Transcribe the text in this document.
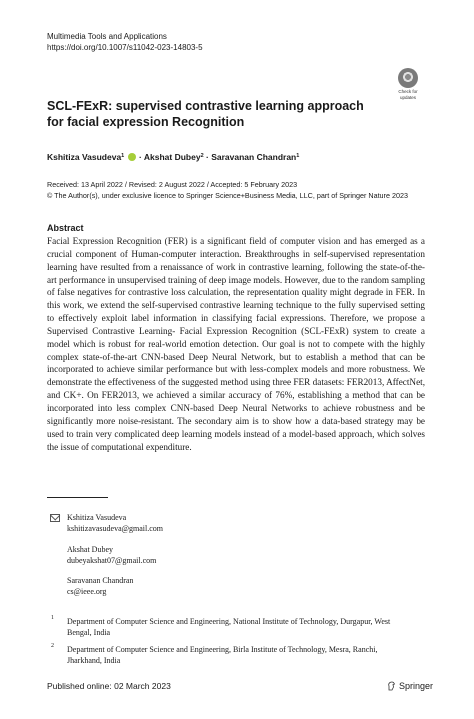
Multimedia Tools and Applications
https://doi.org/10.1007/s11042-023-14803-5
Check for
updates
SCL-FExR: supervised contrastive learning approach for facial expression Recognition
Kshitiza Vasudeva$^1$ · Akshat Dubey$^2$ · Saravanan Chandran$^1$
Received: 13 April 2022 / Revised: 2 August 2022 / Accepted: 5 February 2023
© The Author(s), under exclusive licence to Springer Science+Business Media, LLC, part of Springer Nature 2023
Abstract
Facial Expression Recognition (FER) is a significant field of computer vision and has emerged as a crucial component of Human-computer interaction. Breakthroughs in self-supervised representation learning have resulted from a renaissance of work in contrastive learning, following the state-of-the-art performance in unsupervised training of deep image models. However, due to the random sampling of false negatives for contrastive loss calculation, the representation quality might degrade in FER. In this work, we extend the self-supervised contrastive learning technique to the fully supervised setting to effectively exploit label information in classifying facial expressions. Therefore, we propose a Supervised Contrastive Learning- Facial Expression Recognition (SCL-FExR) system to create a model which is robust for real-world emotion detection. Our goal is not to compete with the highly complex state-of-the-art CNN-based Deep Neural Network, but to establish a method that can be incorporated to achieve similar performance but with less-complex models and more robustness. We demonstrate the effectiveness of the suggested method using three FER datasets: FER2013, AffectNet, and CK+. On FER2013, we achieved a similar accuracy of 76%, establishing a method that can be incorporated into less complex CNN-based Deep Neural Networks to achieve robustness and be significantly more noise-resistant. The secondary aim is to show how a data-based strategy may be used to train very complicated deep learning models instead of a model-based approach, which solves the issue of computational expenditure.
Kshitiza Vasudeva
kshitizavasudeva@gmail.com
Akshat Dubey
dubeyakshat07@gmail.com
Saravanan Chandran
cs@ieee.org
1 Department of Computer Science and Engineering, National Institute of Technology, Durgapur, West
Bengal, India
2 Department of Computer Science and Engineering, Birla Institute of Technology, Mesra, Ranchi,
Jharkhand, India
Published online: 02 March 2023	Springer
